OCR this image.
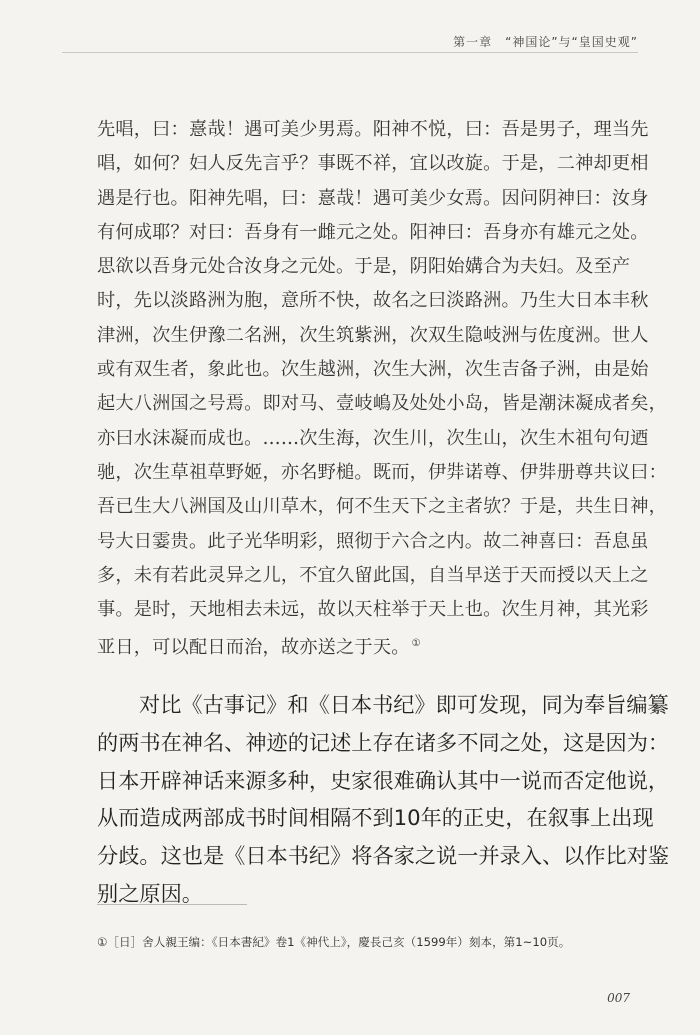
第一章　“神国论”与“皇国史观”
先唱，曰：憙哉！遇可美少男焉。阳神不悦，曰：吾是男子，理当先
唱，如何？妇人反先言乎？事既不祥，宜以改旋。于是，二神却更相
遇是行也。阳神先唱，曰：憙哉！遇可美少女焉。因问阴神曰：汝身
有何成耶？对曰：吾身有一雌元之处。阳神曰：吾身亦有雄元之处。
思欲以吾身元处合汝身之元处。于是，阴阳始媾合为夫妇。及至产
时，先以淡路洲为胞，意所不快，故名之曰淡路洲。乃生大日本丰秋
津洲，次生伊豫二名洲，次生筑紫洲，次双生隐岐洲与佐度洲。世人
或有双生者，象此也。次生越洲，次生大洲，次生吉备子洲，由是始
起大八洲国之号焉。即对马、壹岐嶋及处处小岛，皆是潮沫凝成者矣，
亦曰水沫凝而成也。……次生海，次生川，次生山，次生木祖句句迺
驰，次生草祖草野姬，亦名野槌。既而，伊弉诺尊、伊弉册尊共议曰：
吾已生大八洲国及山川草木，何不生天下之主者欤？于是，共生日神，
号大日霎贵。此子光华明彩，照彻于六合之内。故二神喜曰：吾息虽
多，未有若此灵异之儿，不宜久留此国，自当早送于天而授以天上之
事。是时，天地相去未远，故以天柱举于天上也。次生月神，其光彩
亚日，可以配日而治，故亦送之于天。 ①
对比《古事记》和《日本书纪》即可发现，同为奉旨编纂
的两书在神名、神迹的记述上存在诸多不同之处，这是因为：
日本开辟神话来源多种，史家很难确认其中一说而否定他说，
从而造成两部成书时间相隔不到10年的正史，在叙事上出现
分歧。这也是《日本书纪》将各家之说一并录入、以作比对鉴
别之原因。
①［日］舍人親王编：《日本書紀》卷1《神代上》，慶長己亥（1599年）刻本，第1~10页。
007
